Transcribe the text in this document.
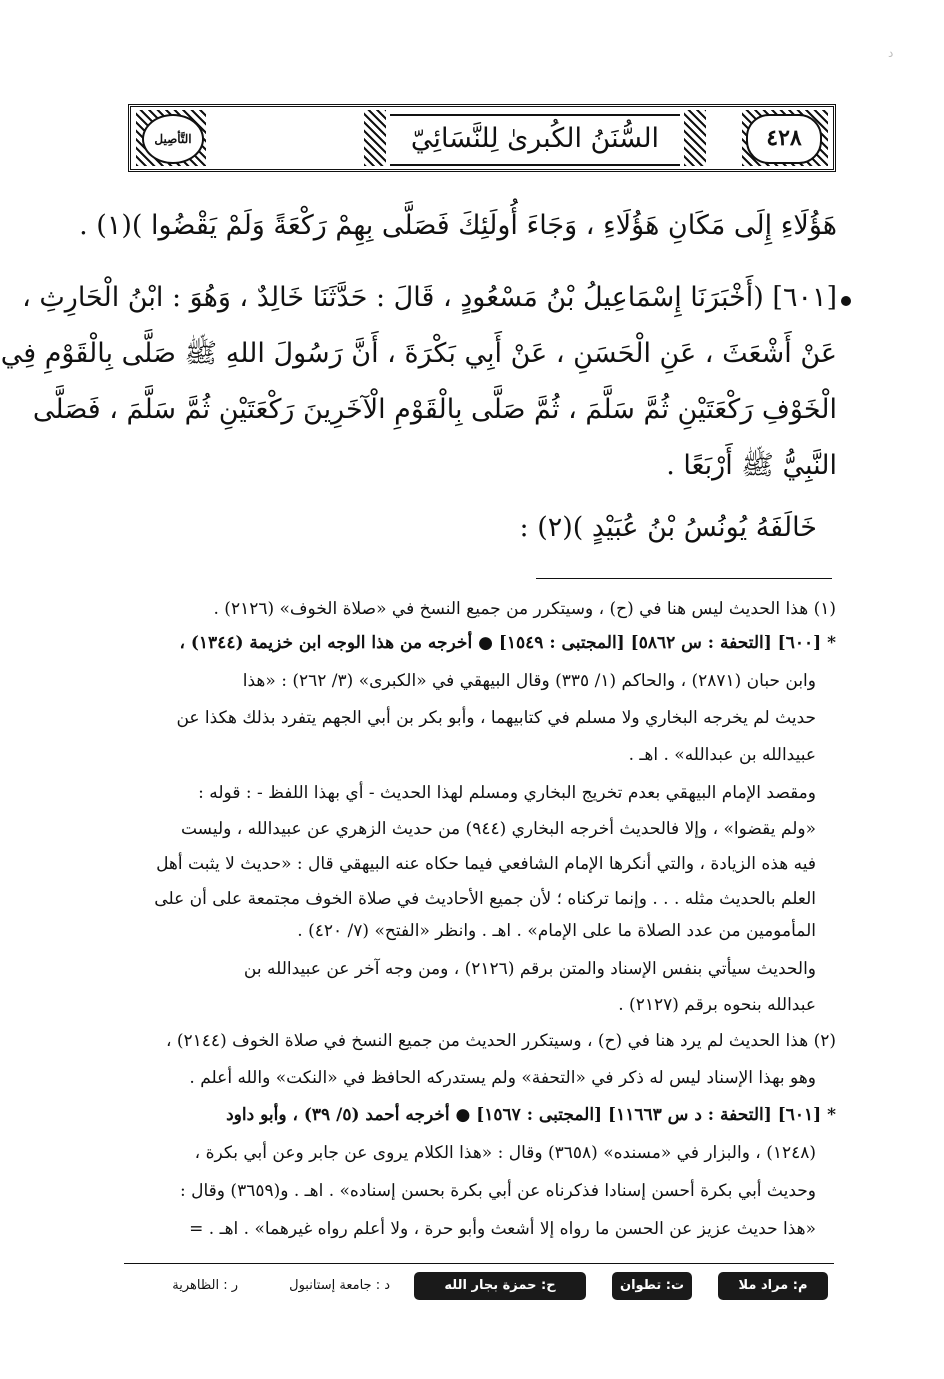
د
التَّأصِيل	السُّنَنُ الكُبرىٰ لِلنَّسَائِيّ	٤٢٨
هَؤُلَاءِ إِلَى مَكَانِ هَؤُلَاءِ ، وَجَاءَ أُولَئِكَ فَصَلَّى بِهِمْ رَكْعَةً وَلَمْ يَقْضُوا )(١) .
[٦٠١] (أَخْبَرَنَا إِسْمَاعِيلُ بْنُ مَسْعُودٍ ، قَالَ : حَدَّثَنَا خَالِدٌ ، وَهُوَ : ابْنُ الْحَارِثِ ،
عَنْ أَشْعَثَ ، عَنِ الْحَسَنِ ، عَنْ أَبِي بَكْرَةَ ، أَنَّ رَسُولَ اللهِ ﷺ صَلَّى بِالْقَوْمِ فِي
الْخَوْفِ رَكْعَتَيْنِ ثُمَّ سَلَّمَ ، ثُمَّ صَلَّى بِالْقَوْمِ الْآخَرِينَ رَكْعَتَيْنِ ثُمَّ سَلَّمَ ، فَصَلَّى
النَّبِيُّ ﷺ أَرْبَعًا .
خَالَفَهُ يُونُسُ بْنُ عُبَيْدٍ )(٢) :
(١) هذا الحديث ليس هنا في (ح) ، وسيتكرر من جميع النسخ في «صلاة الخوف» (٢١٢٦) .
* [٦٠٠] [التحفة : س ٥٨٦٢] [المجتبى : ١٥٤٩] ● أخرجه من هذا الوجه ابن خزيمة (١٣٤٤) ،
وابن حبان (٢٨٧١) ، والحاكم (١/ ٣٣٥) وقال البيهقي في «الكبرى» (٣/ ٢٦٢) : «هذا
حديث لم يخرجه البخاري ولا مسلم في كتابيهما ، وأبو بكر بن أبي الجهم يتفرد بذلك هكذا عن
عبيدالله بن عبدالله» . اهـ .
ومقصد الإمام البيهقي بعدم تخريج البخاري ومسلم لهذا الحديث - أي بهذا اللفظ - : قوله :
«ولم يقضوا» ، وإلا فالحديث أخرجه البخاري (٩٤٤) من حديث الزهري عن عبيدالله ، وليست
فيه هذه الزيادة ، والتي أنكرها الإمام الشافعي فيما حكاه عنه البيهقي قال : «حديث لا يثبت أهل
العلم بالحديث مثله . . . وإنما تركناه ؛ لأن جميع الأحاديث في صلاة الخوف مجتمعة على أن على
المأمومين من عدد الصلاة ما على الإمام» . اهـ . وانظر «الفتح» (٧/ ٤٢٠) .
والحديث سيأتي بنفس الإسناد والمتن برقم (٢١٢٦) ، ومن وجه آخر عن عبيدالله بن
عبدالله بنحوه برقم (٢١٢٧) .
(٢) هذا الحديث لم يرد هنا في (ح) ، وسيتكرر الحديث من جميع النسخ في صلاة الخوف (٢١٤٤) ،
وهو بهذا الإسناد ليس له ذكر في «التحفة» ولم يستدركه الحافظ في «النكت» والله أعلم .
* [٦٠١] [التحفة : د س ١١٦٦٣] [المجتبى : ١٥٦٧] ● أخرجه أحمد (٥/ ٣٩) ، وأبو داود
(١٢٤٨) ، والبزار في «مسنده» (٣٦٥٨) وقال : «هذا الكلام يروى عن جابر وعن أبي بكرة ،
وحديث أبي بكرة أحسن إسنادا فذكرناه عن أبي بكرة بحسن إسناده» . اهـ . و(٣٦٥٩) وقال :
«هذا حديث عزيز عن الحسن ما رواه إلا أشعث وأبو حرة ، ولا أعلم رواه غيرهما» . اهـ . =
م: مراد ملا
ت: تطوان
ح: حمزة بجار الله
د : جامعة إستانبول
ر : الظاهرية
